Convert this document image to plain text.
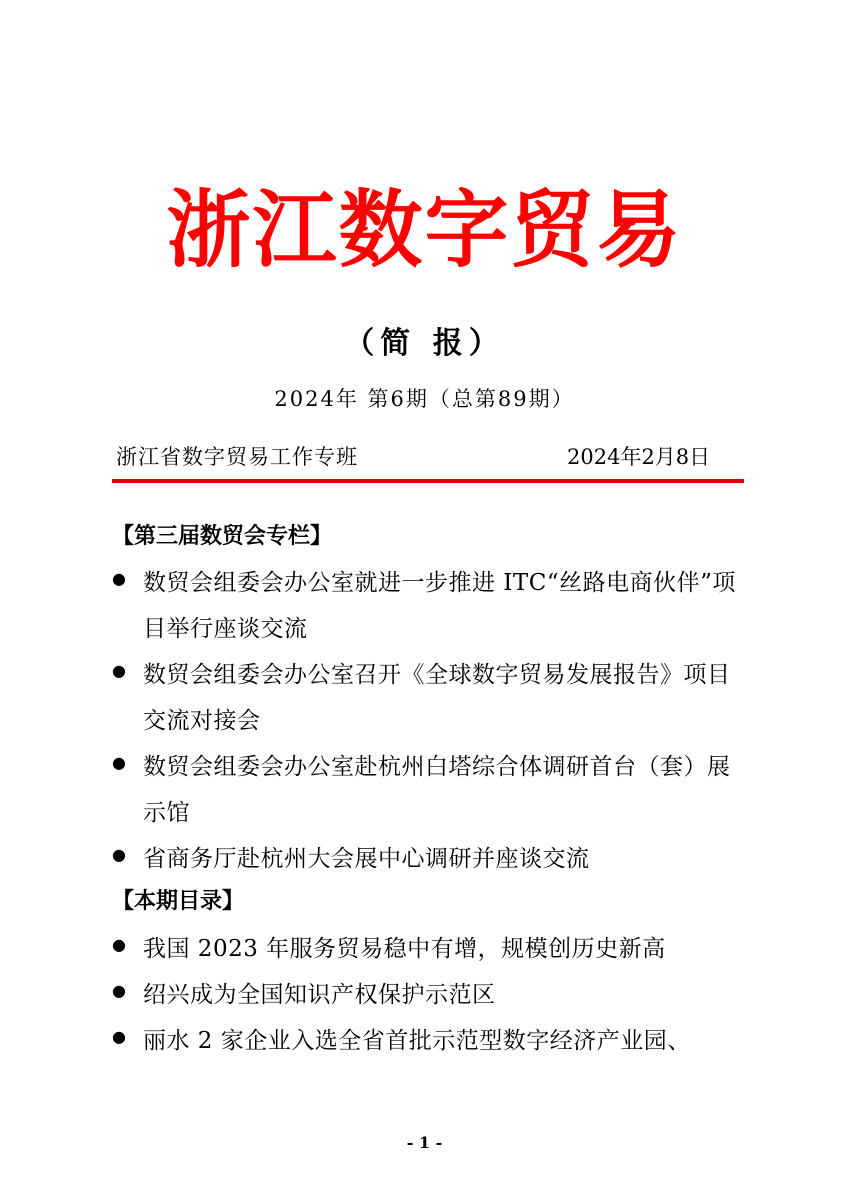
浙江数字贸易
（简 报）
2024年 第6期（总第89期）
浙江省数字贸易工作专班	2024年2月8日
【第三届数贸会专栏】
● 数贸会组委会办公室就进一步推进 ITC“丝路电商伙伴”项目举行座谈交流
● 数贸会组委会办公室召开《全球数字贸易发展报告》项目交流对接会
● 数贸会组委会办公室赴杭州白塔综合体调研首台（套）展示馆
● 省商务厅赴杭州大会展中心调研并座谈交流
【本期目录】
● 我国 2023 年服务贸易稳中有增，规模创历史新高
● 绍兴成为全国知识产权保护示范区
● 丽水 2 家企业入选全省首批示范型数字经济产业园、
- 1 -
